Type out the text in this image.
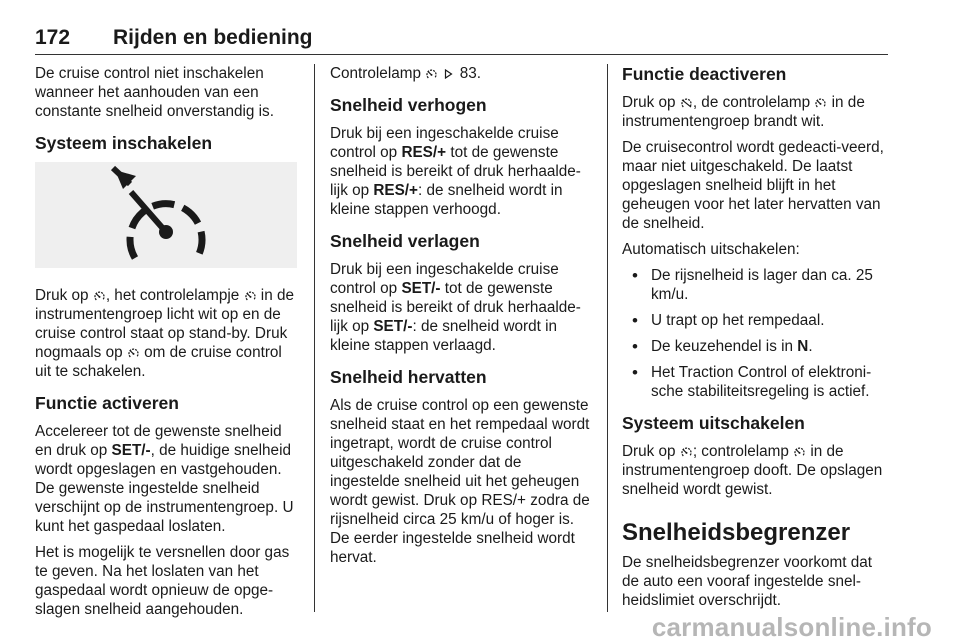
172 Rijden en bediening

De cruise control niet inschakelen wanneer het aanhouden van een constante snelheid onverstandig is.

Systeem inschakelen

Druk op , het controlelampje  in de instrumentengroep licht wit op en de cruise control staat op stand-by. Druk nogmaals op  om de cruise control uit te schakelen.

Functie activeren

Accelereer tot de gewenste snelheid en druk op SET/-, de huidige snelheid wordt opgeslagen en vastgehouden. De gewenste ingestelde snelheid verschijnt op de instrumentengroep. U kunt het gaspedaal loslaten.

Het is mogelijk te versnellen door gas te geven. Na het loslaten van het gaspedaal wordt opnieuw de opge-slagen snelheid aangehouden.

Controlelamp   83.

Snelheid verhogen

Druk bij een ingeschakelde cruise control op RES/+ tot de gewenste snelheid is bereikt of druk herhaalde-lijk op RES/+: de snelheid wordt in kleine stappen verhoogd.

Snelheid verlagen

Druk bij een ingeschakelde cruise control op SET/- tot de gewenste snelheid is bereikt of druk herhaalde-lijk op SET/-: de snelheid wordt in kleine stappen verlaagd.

Snelheid hervatten

Als de cruise control op een gewenste snelheid staat en het rempedaal wordt ingetrapt, wordt de cruise control uitgeschakeld zonder dat de ingestelde snelheid uit het geheugen wordt gewist. Druk op RES/+ zodra de rijsnelheid circa 25 km/u of hoger is. De eerder ingestelde snelheid wordt hervat.

Functie deactiveren

Druk op , de controlelamp  in de instrumentengroep brandt wit.

De cruisecontrol wordt gedeacti-veerd, maar niet uitgeschakeld. De laatst opgeslagen snelheid blijft in het geheugen voor het later hervatten van de snelheid.

Automatisch uitschakelen:

• De rijsnelheid is lager dan ca. 25 km/u.
• U trapt op het rempedaal.
• De keuzehendel is in N.
• Het Traction Control of elektroni-sche stabiliteitsregeling is actief.
Systeem uitschakelen

Druk op ; controlelamp  in de instrumentengroep dooft. De opslagen snelheid wordt gewist.

Snelheidsbegrenzer

De snelheidsbegrenzer voorkomt dat de auto een vooraf ingestelde snel-heidslimiet overschrijdt.

carmanualsonline.info
